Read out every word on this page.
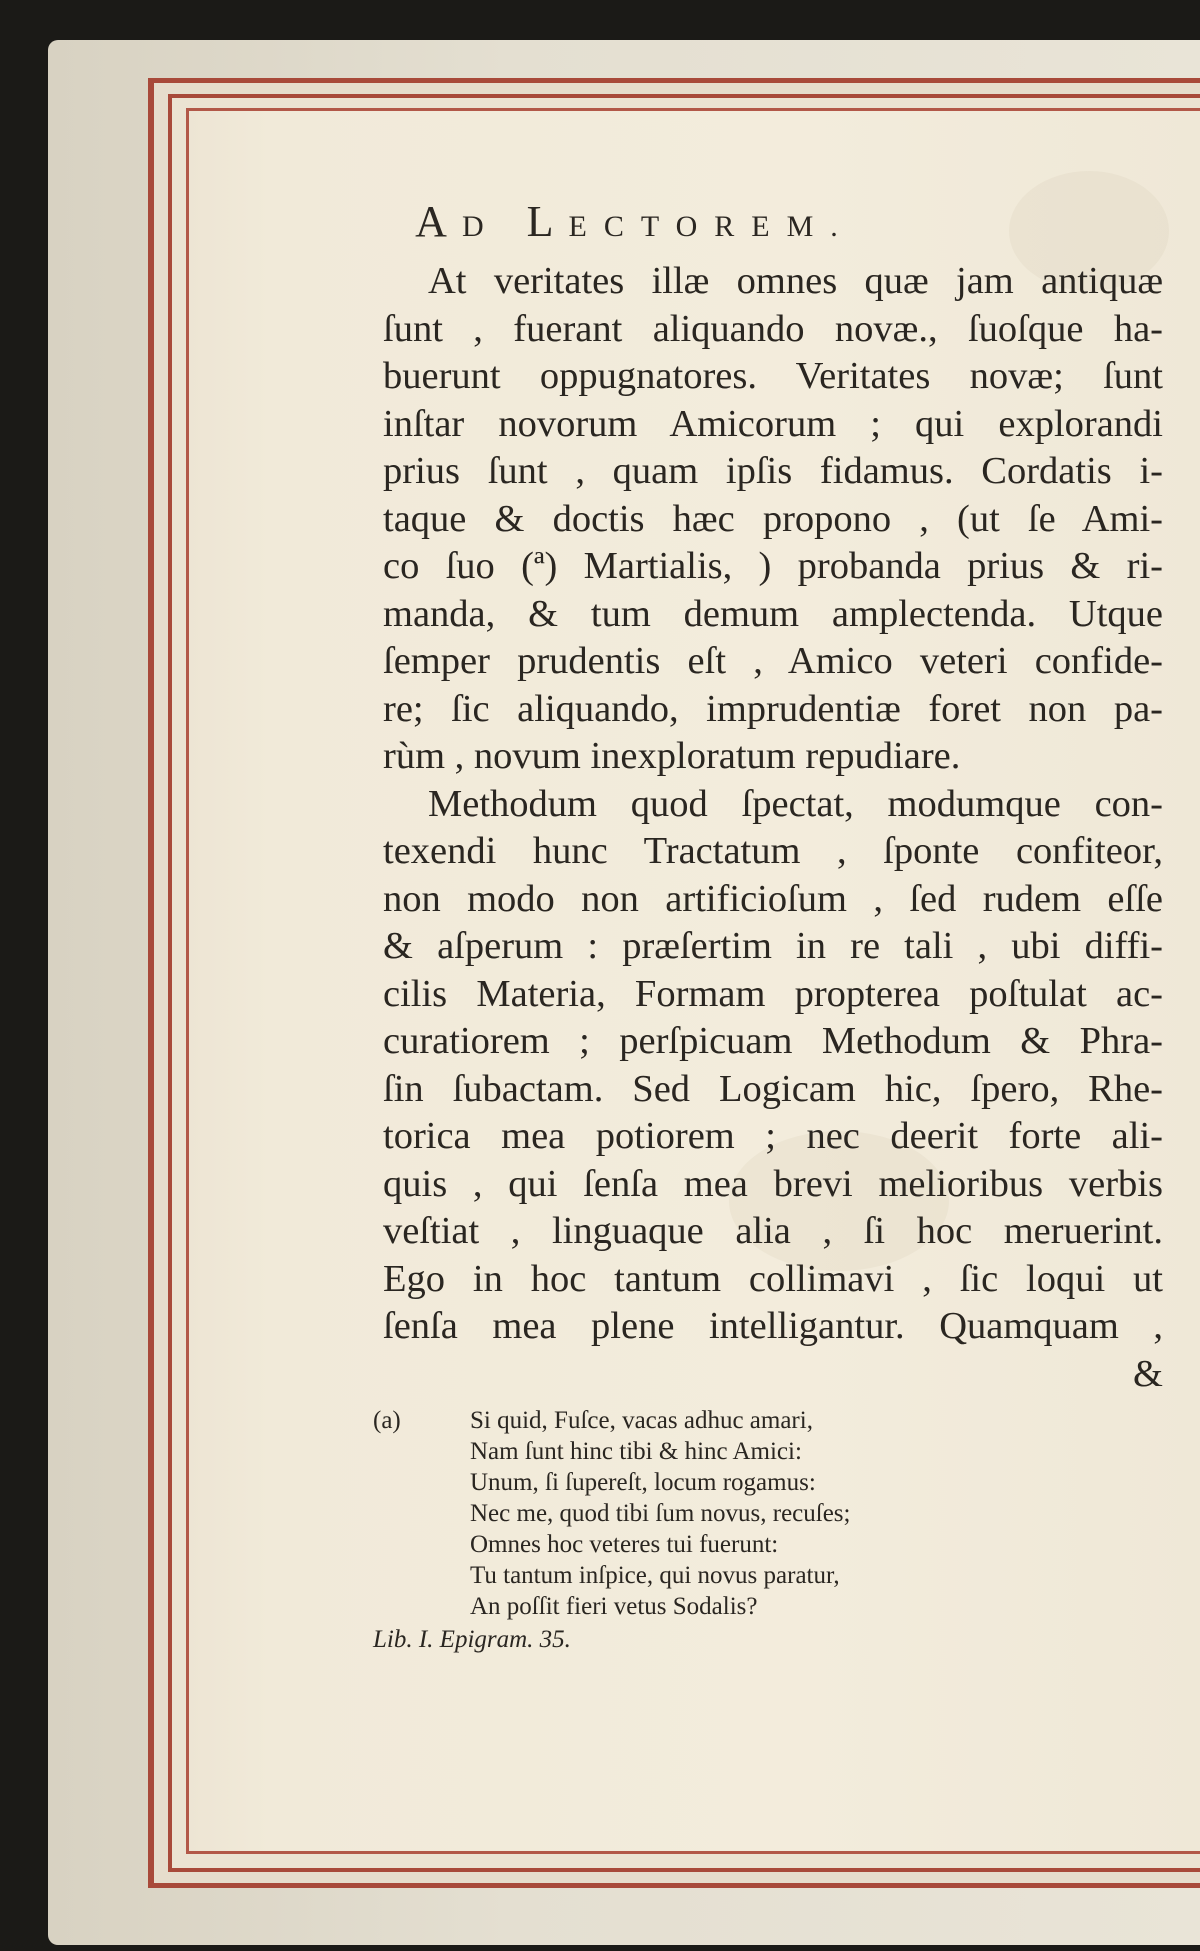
AD LECTOREM.
At veritates illæ omnes quæ jam antiquæ
ſunt , fuerant aliquando novæ., ſuoſque ha-
buerunt oppugnatores. Veritates novæ; ſunt
inſtar novorum Amicorum ; qui explorandi
prius ſunt , quam ipſis fidamus. Cordatis i-
taque & doctis hæc propono , (ut ſe Ami-
co ſuo (ª) Martialis, ) probanda prius & ri-
manda, & tum demum amplectenda. Utque
ſemper prudentis eſt , Amico veteri confide-
re; ſic aliquando, imprudentiæ foret non pa-
rùm , novum inexploratum repudiare.
Methodum quod ſpectat, modumque con-
texendi hunc Tractatum , ſponte confiteor,
non modo non artificioſum , ſed rudem eſſe
& aſperum : præſertim in re tali , ubi diffi-
cilis Materia, Formam propterea poſtulat ac-
curatiorem ; perſpicuam Methodum & Phra-
ſin ſubactam. Sed Logicam hic, ſpero, Rhe-
torica mea potiorem ; nec deerit forte ali-
quis , qui ſenſa mea brevi melioribus verbis
veſtiat , linguaque alia , ſi hoc meruerint.
Ego in hoc tantum collimavi , ſic loqui ut
ſenſa mea plene intelligantur. Quamquam ,
&
(a)	Si quid, Fuſce, vacas adhuc amari,
Nam ſunt hinc tibi & hinc Amici:
Unum, ſi ſupereſt, locum rogamus:
Nec me, quod tibi ſum novus, recuſes;
Omnes hoc veteres tui fuerunt:
Tu tantum inſpice, qui novus paratur,
An poſſit fieri vetus Sodalis?
Lib. I. Epigram. 35.
